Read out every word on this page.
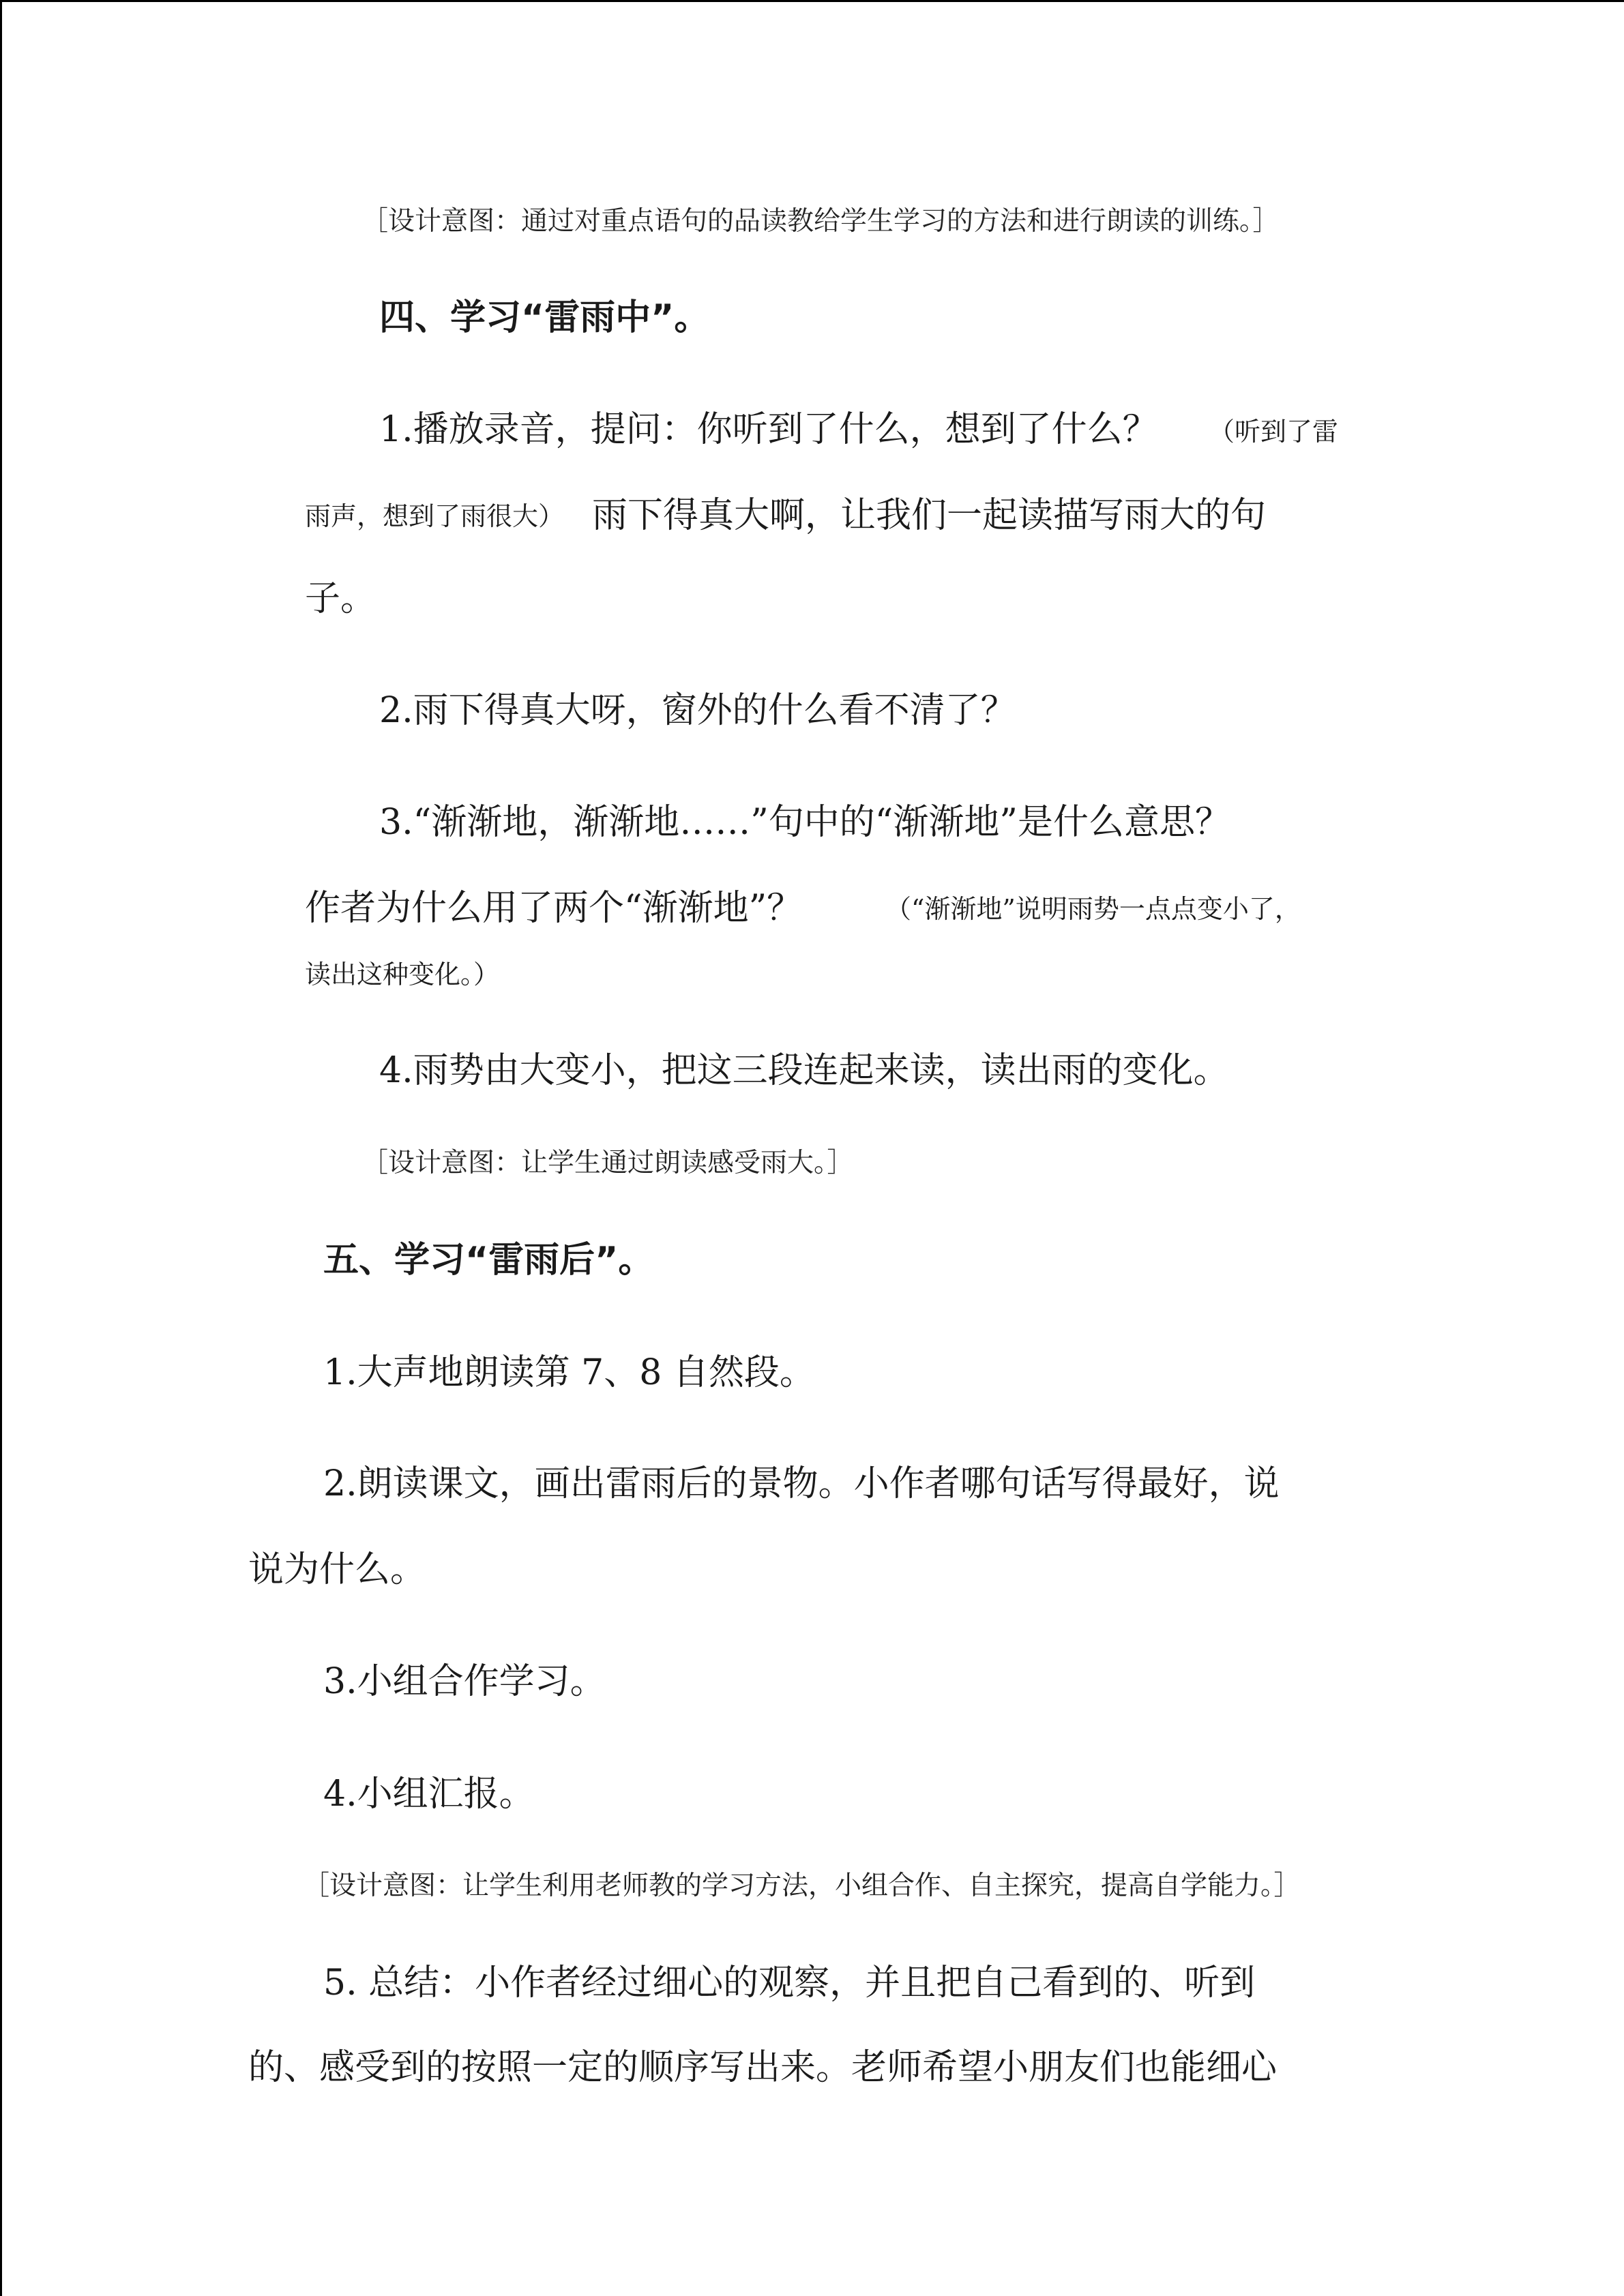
［设计意图：通过对重点语句的品读教给学生学习的方法和进行朗读的训练。］

四、学习“雷雨中”。

1.播放录音，提问：你听到了什么，想到了什么？ （听到了雷

雨声，想到了雨很大） 雨下得真大啊，让我们一起读描写雨大的句

子。

2.雨下得真大呀，窗外的什么看不清了？

3.“渐渐地，渐渐地……”句中的“渐渐地”是什么意思？

作者为什么用了两个“渐渐地”？	（“渐渐地”说明雨势一点点变小了，

读出这种变化。）

4.雨势由大变小，把这三段连起来读，读出雨的变化。

［设计意图：让学生通过朗读感受雨大。］

五、学习“雷雨后”。

1.大声地朗读第 7、8 自然段。

2.朗读课文，画出雷雨后的景物。小作者哪句话写得最好，说

说为什么。

3.小组合作学习。

4.小组汇报。

［设计意图：让学生利用老师教的学习方法，小组合作、自主探究，提高自学能力。］

5. 总结：小作者经过细心的观察，并且把自己看到的、听到

的、感受到的按照一定的顺序写出来。老师希望小朋友们也能细心
